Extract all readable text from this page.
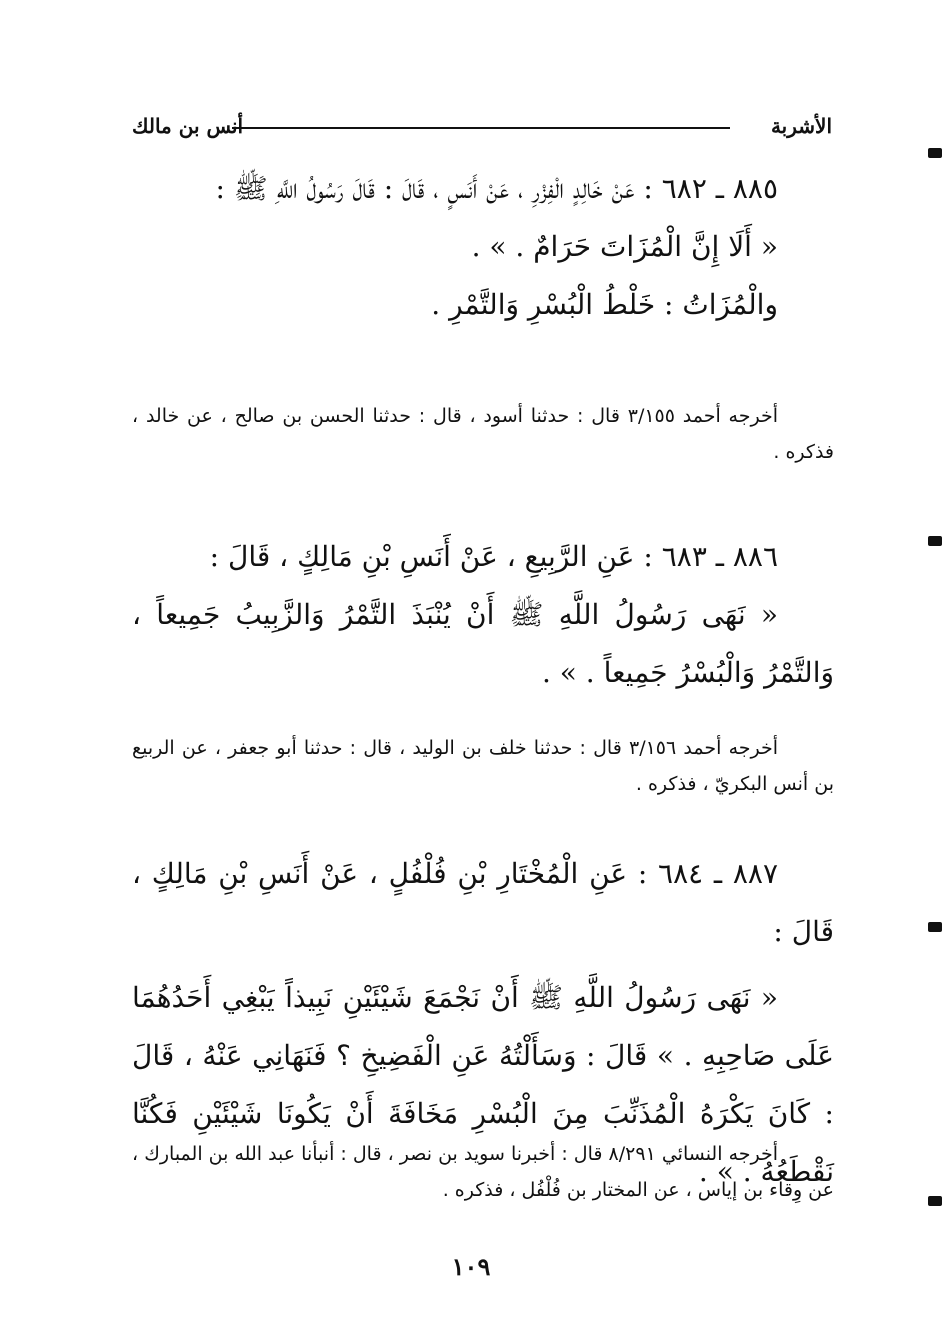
الأشربة
أنس بن مالك

٨٨٥ ـ ٦٨٢ : عَنْ خَالِدٍ الْفِزْرِ ، عَنْ أَنَسٍ ، قَالَ : قَالَ رَسُولُ اللَّهِ ﷺ :

« أَلَا إِنَّ الْمُزَاتَ حَرَامٌ . » .

والْمُزَاتُ : خَلْطُ الْبُسْرِ وَالتَّمْرِ .

أخرجه أحمد ٣/١٥٥ قال : حدثنا أسود ، قال : حدثنا الحسن بن صالح ، عن خالد ، فذكره .

٨٨٦ ـ ٦٨٣ : عَنِ الرَّبِيعِ ، عَنْ أَنَسِ بْنِ مَالِكٍ ، قَالَ :

« نَهَى رَسُولُ اللَّهِ ﷺ أَنْ يُنْبَذَ التَّمْرُ وَالزَّبِيبُ جَمِيعاً ، وَالتَّمْرُ وَالْبُسْرُ جَمِيعاً . » .

أخرجه أحمد ٣/١٥٦ قال : حدثنا خلف بن الوليد ، قال : حدثنا أبو جعفر ، عن الربيع بن أنس البكريّ ، فذكره .

٨٨٧ ـ ٦٨٤ : عَنِ الْمُخْتَارِ بْنِ فُلْفُلٍ ، عَنْ أَنَسِ بْنِ مَالِكٍ ، قَالَ :

« نَهَى رَسُولُ اللَّهِ ﷺ أَنْ نَجْمَعَ شَيْئَيْنِ نَبِيذاً يَبْغِي أَحَدُهُمَا عَلَى صَاحِبِهِ . » قَالَ : وَسَأَلْتُهُ عَنِ الْفَضِيخِ ؟ فَنَهَانِي عَنْهُ ، قَالَ : كَانَ يَكْرَهُ الْمُذَنِّبَ مِنَ الْبُسْرِ مَخَافَةَ أَنْ يَكُونَا شَيْئَيْنِ فَكُنَّا نَقْطَعُهُ . » .

أخرجه النسائي ٨/٢٩١ قال : أخبرنا سويد بن نصر ، قال : أنبأنا عبد الله بن المبارك ، عن وِقاء بن إياس ، عن المختار بن فُلْفُل ، فذكره .

١٠٩
